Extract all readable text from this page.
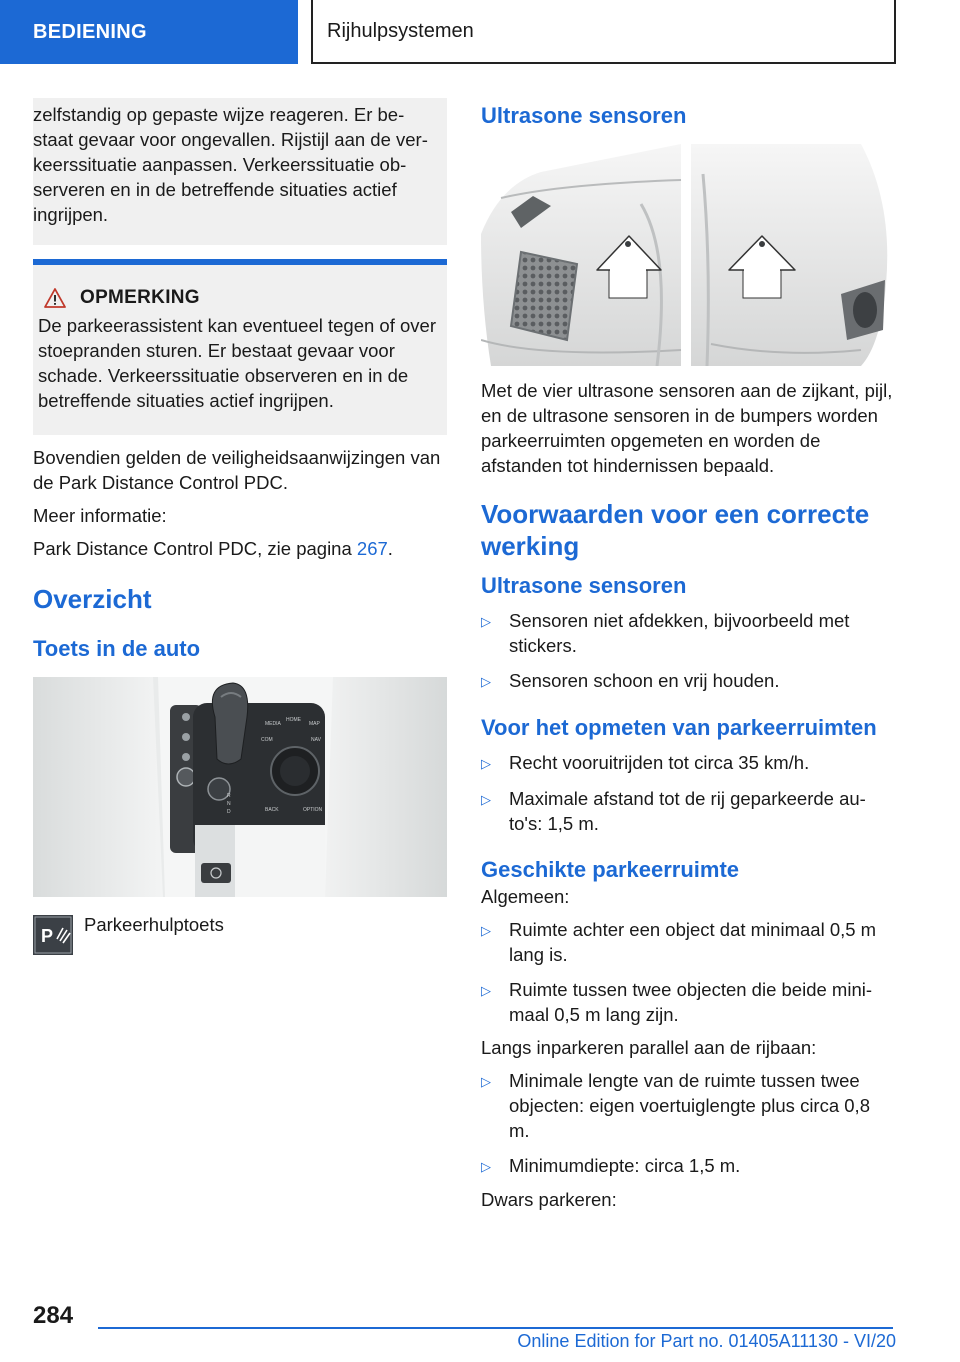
BEDIENING	Rijhulpsystemen

zelfstandig op gepaste wijze reageren. Er be-staat gevaar voor ongevallen. Rijstijl aan de ver-keerssituatie aanpassen. Verkeerssituatie ob-serveren en in de betreffende situaties actief ingrijpen.

OPMERKING

De parkeerassistent kan eventueel tegen of over stoepranden sturen. Er bestaat gevaar voor schade. Verkeerssituatie observeren en in de betreffende situaties actief ingrijpen.

Bovendien gelden de veiligheidsaanwijzingen van de Park Distance Control PDC.

Meer informatie:

Park Distance Control PDC, zie pagina 267.

Overzicht
Toets in de auto
MEDIA
HOME
MAP
COM	NAV
BACK	OPTION
R
N
D
P

Parkeerhulptoets

Ultrasone sensoren

Met de vier ultrasone sensoren aan de zijkant, pijl, en de ultrasone sensoren in de bumpers worden parkeerruimten opgemeten en worden de afstanden tot hindernissen bepaald.

Voorwaarden voor een correcte werking
Ultrasone sensoren
▷ Sensoren niet afdekken, bijvoorbeeld met stickers.
▷ Sensoren schoon en vrij houden.
Voor het opmeten van parkeerruimten
▷ Recht vooruitrijden tot circa 35 km/h.
▷ Maximale afstand tot de rij geparkeerde au-to's: 1,5 m.
Geschikte parkeerruimte

Algemeen:

▷ Ruimte achter een object dat minimaal 0,5 m lang is.
▷ Ruimte tussen twee objecten die beide mini-maal 0,5 m lang zijn.

Langs inparkeren parallel aan de rijbaan:

▷ Minimale lengte van de ruimte tussen twee objecten: eigen voertuiglengte plus circa 0,8 m.
▷ Minimumdiepte: circa 1,5 m.

Dwars parkeren:

284
Online Edition for Part no. 01405A11130 - VI/20
